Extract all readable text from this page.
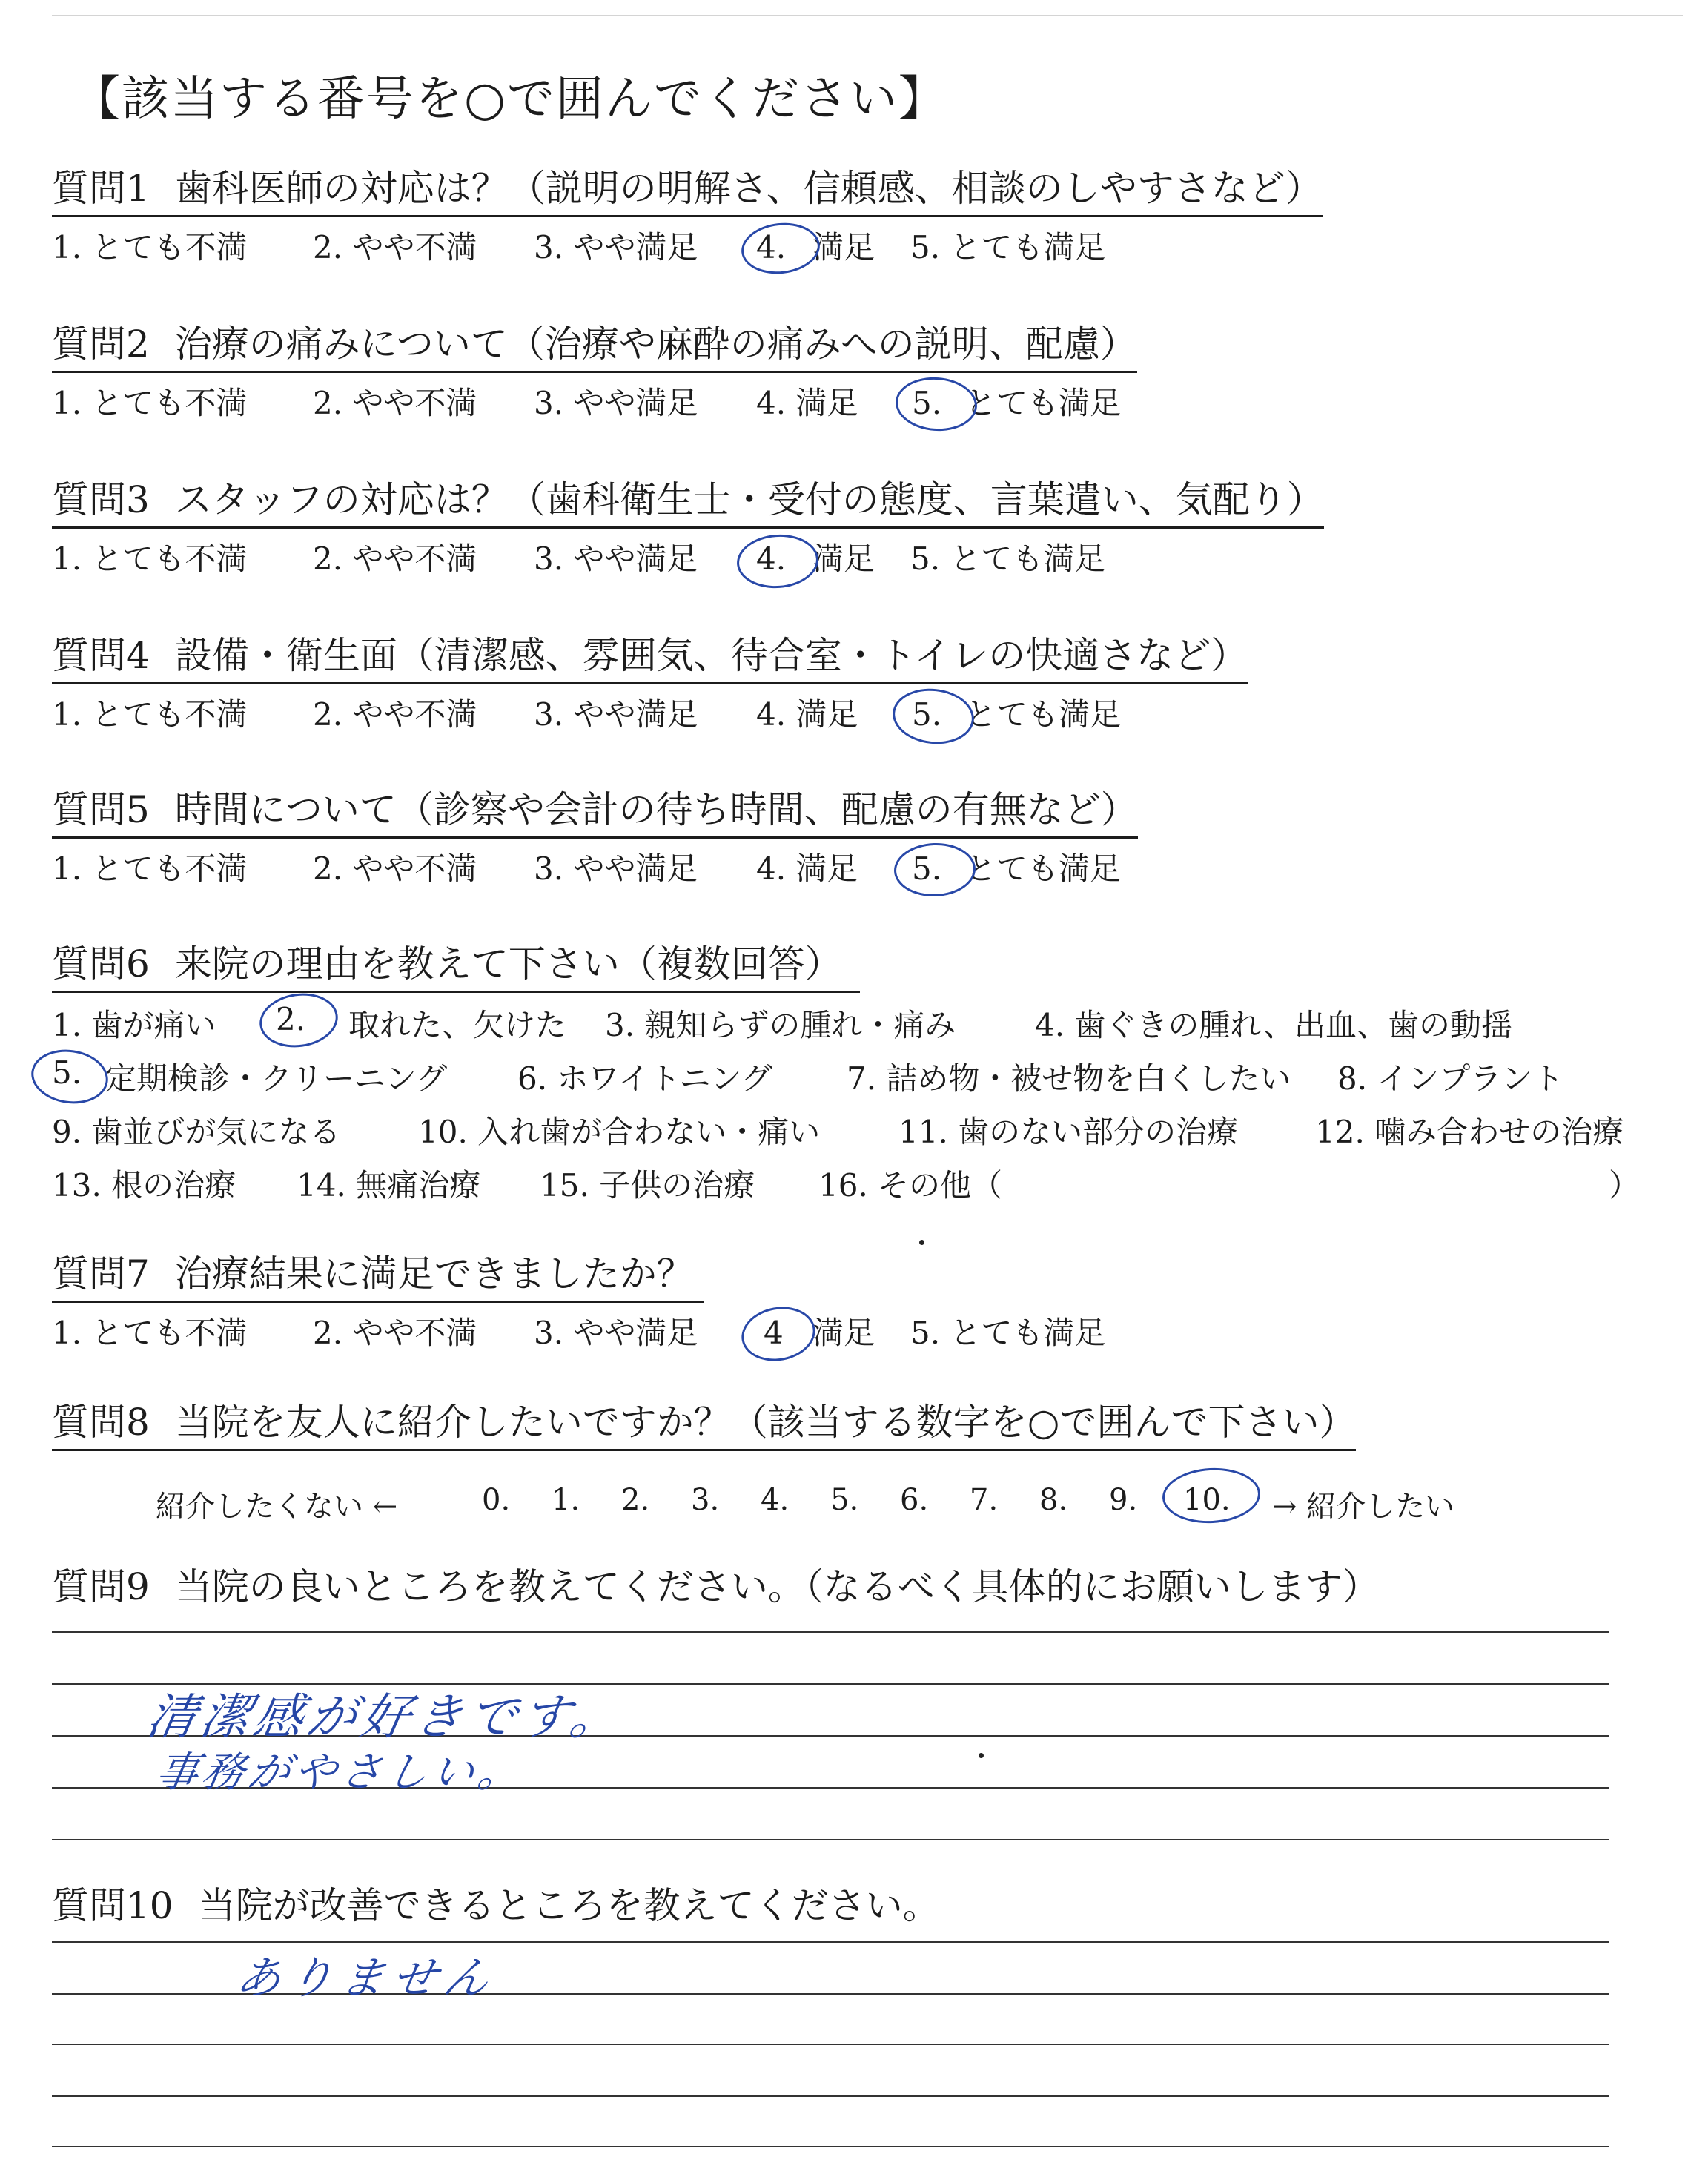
【該当する番号を○で囲んでください】
質問1 歯科医師の対応は？（説明の明解さ、信頼感、相談のしやすさなど）
1. とても不満 2. やや不満 3. やや満足 4. 満足 5. とても満足
質問2 治療の痛みについて（治療や麻酔の痛みへの説明、配慮）
1. とても不満 2. やや不満 3. やや満足 4. 満足 5. とても満足
質問3 スタッフの対応は？（歯科衛生士・受付の態度、言葉遣い、気配り）
1. とても不満 2. やや不満 3. やや満足 4. 満足 5. とても満足
質問4 設備・衛生面（清潔感、雰囲気、待合室・トイレの快適さなど）
1. とても不満 2. やや不満 3. やや満足 4. 満足 5. とても満足
質問5 時間について（診察や会計の待ち時間、配慮の有無など）
1. とても不満 2. やや不満 3. やや満足 4. 満足 5. とても満足
質問6 来院の理由を教えて下さい（複数回答）
1. 歯が痛い 2. 取れた、欠けた 3. 親知らずの腫れ・痛み	4. 歯ぐきの腫れ、出血、歯の動揺
5. 定期検診・クリーニング 6. ホワイトニング 7. 詰め物・被せ物を白くしたい 8. インプラント
9. 歯並びが気になる 10. 入れ歯が合わない・痛い	11. 歯のない部分の治療 12. 噛み合わせの治療
13. 根の治療 14. 無痛治療 15. 子供の治療 16. その他（	）
質問7 治療結果に満足できましたか？
1. とても不満 2. やや不満 3. やや満足 4 満足 5. とても満足
質問8 当院を友人に紹介したいですか？（該当する数字を○で囲んで下さい）
紹介したくない ←	0. 1. 2. 3. 4. 5. 6. 7. 8. 9. 10. → 紹介したい
質問9 当院の良いところを教えてください。（なるべく具体的にお願いします）
清潔感が好きです。
事務がやさしい。
質問10 当院が改善できるところを教えてください。
ありません
